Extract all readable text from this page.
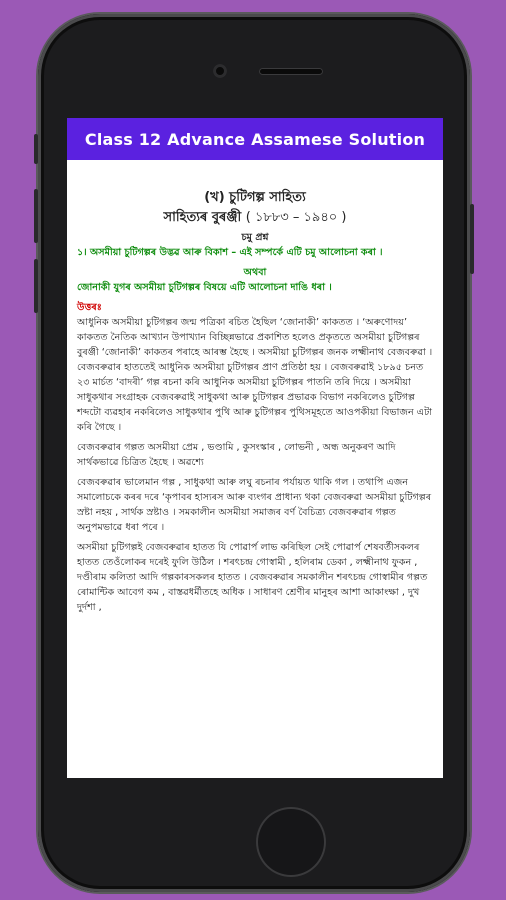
Class 12 Advance Assamese Solution
(খ) চুটিগল্প সাহিত্য
সাহিত্যৰ বুৰঞ্জী ( ১৮৮৩ – ১৯৪০ )
চমু প্ৰশ্ন

১। অসমীয়া চুটিগল্পৰ উদ্ভৱ আৰু বিকাশ – এই সম্পৰ্কে এটি চমু আলোচনা কৰা ।

অথবা

জোনাকী যুগৰ অসমীয়া চুটিগল্পৰ বিষয়ে এটি আলোচনা দাঙি ধৰা ।

উত্তৰঃ

আধুনিক অসমীয়া চুটিগল্পৰ জন্ম পত্ৰিকা ৰচিত হৈছিল ‘জোনাকী’ কাকতত । ‘অৰুণোদয়’ কাকতত নৈতিক আখ্যান উপাখ্যান বিচ্ছিন্নভাৱে প্ৰকাশিত হলেও প্ৰকৃততে অসমীয়া চুটিগল্পৰ বুৰঞ্জী ‘জোনাকী’ কাকতৰ পৰাহে আৰম্ভ হৈছে । অসমীয়া চুটিগল্পৰ জনক লক্ষ্মীনাথ বেজবৰুৱা । বেজবৰুৱাৰ হাততেই আধুনিক অসমীয়া চুটিগল্পৰ প্ৰাণ প্ৰতিষ্ঠা হয় । বেজবৰুৱাই ১৮৯৫ চনত ২৩ মাৰ্চত ‘বাদৰী’ গল্প ৰচনা কৰি আধুনিক অসমীয়া চুটিগল্পৰ পাতনি তৰি দিয়ে । অসমীয়া সাধুকথাৰ সংগ্ৰাহক বেজবৰুৱাই সাধুকথা আৰু চুটিগল্পৰ প্ৰভাৱক বিভাগ নকৰিলেও চুটিগল্প শব্দটো ব্যৱহাৰ নকৰিলেও সাধুকথাৰ পুথি আৰু চুটিগল্পৰ পুথিসমূহতে আওপকীয়া বিভাজন এটা কৰি গৈছে ।

বেজবৰুৱাৰ গল্পত অসমীয়া প্ৰেম , ভণ্ডামি , কুসংস্কাৰ , লোভনী , অন্ধ অনুকৰণ আদি সাৰ্থকভাৱে চিত্ৰিত হৈছে । অৱশ্যে

বেজবৰুৱাৰ ভালেমান গল্প , সাধুকথা আৰু লঘু ৰচনাৰ পৰ্যায়ত থাকি গল । তথাপি এজন সমালোচকে কৰৰ দৰে ‘কৃপাবৰ হাস্যৰস আৰু ব্যংগৰ প্ৰাধান্য থকা বেজবৰুৱা অসমীয়া চুটিগল্পৰ স্ৰষ্টা নহয় , সাৰ্থক স্ৰষ্টাও । সমকালীন অসমীয়া সমাজৰ বৰ্ণ বৈচিত্ৰ্য বেজবৰুৱাৰ গল্পত অনুপমভাৱে ধৰা পৰে ।

অসমীয়া চুটিগল্পই বেজবৰুৱাৰ হাতত যি পোৱাৰ্প লাভ কৰিছিল সেই পোৱাৰ্প শেষবৰ্তীসকলৰ হাতত তেওঁলোকৰ দৰেই ফুলি উঠিল । শৰৎচন্দ্ৰ গোস্বামী , হলিৰাম ডেকা , লক্ষ্মীনাথ ফুকন , দণ্ডীৰাম কলিতা আদি গল্পকাৰসকলৰ হাতত । বেজবৰুৱাৰ সমকালীন শৰৎচন্দ্ৰ গোস্বামীৰ গল্পত ৰোমান্টিক আবেগ কম , বাস্তৱধৰ্মীতহে অধিক । সাধাৰণ শ্ৰেণীৰ মানুহৰ আশা আকাংক্ষা , দুখ দুৰ্দশা ,
